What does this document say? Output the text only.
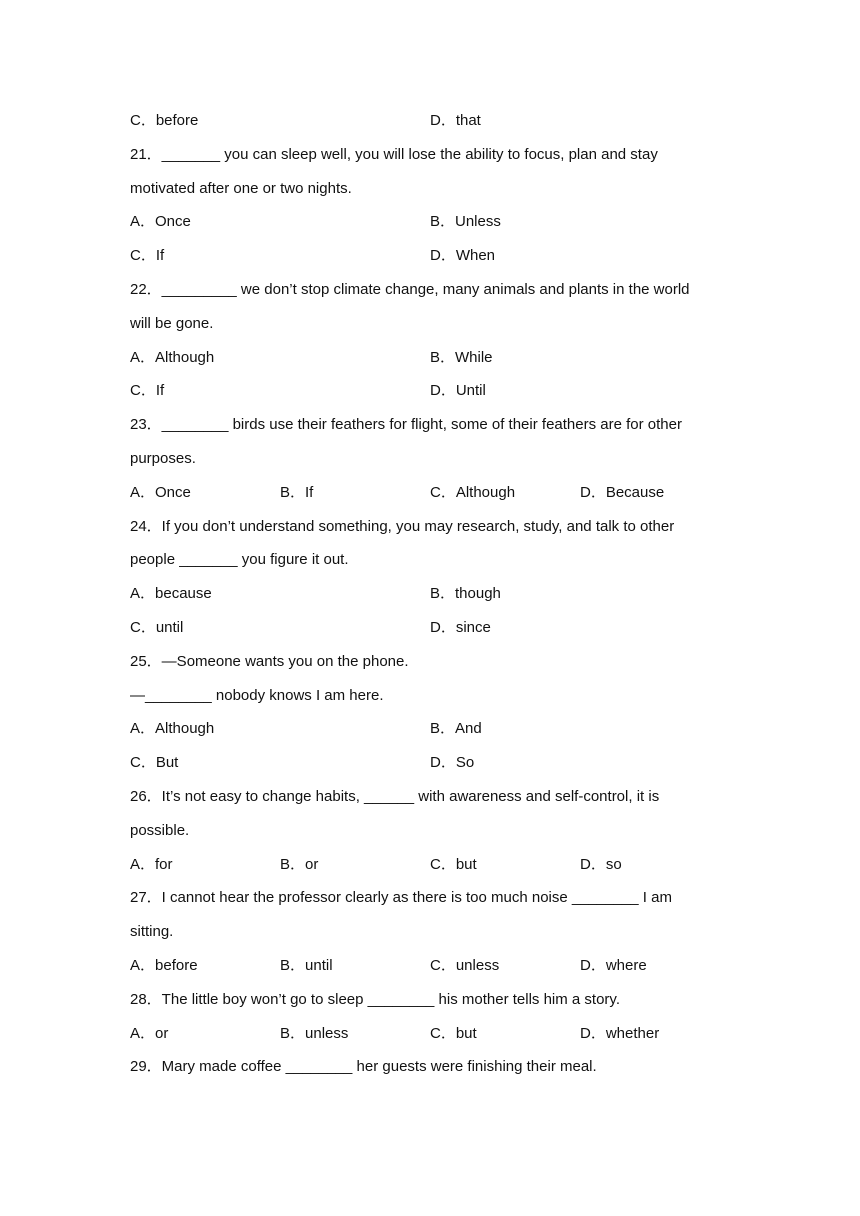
C．before	D．that
21．_______ you can sleep well, you will lose the ability to focus, plan and stay
motivated after one or two nights.
A．Once	B．Unless
C．If	D．When
22．_________ we don’t stop climate change, many animals and plants in the world
will be gone.
A．Although	B．While
C．If	D．Until
23．________ birds use their feathers for flight, some of their feathers are for other
purposes.
A．Once	B．If	C．Although	D．Because
24．If you don’t understand something, you may research, study, and talk to other
people _______ you figure it out.
A．because	B．though
C．until	D．since
25．—Someone wants you on the phone.
—________ nobody knows I am here.
A．Although	B．And
C．But	D．So
26．It’s not easy to change habits, ______ with awareness and self-control, it is
possible.
A．for	B．or	C．but	D．so
27．I cannot hear the professor clearly as there is too much noise ________ I am
sitting.
A．before	B．until	C．unless	D．where
28．The little boy won’t go to sleep ________ his mother tells him a story.
A．or	B．unless	C．but	D．whether
29．Mary made coffee ________ her guests were finishing their meal.
